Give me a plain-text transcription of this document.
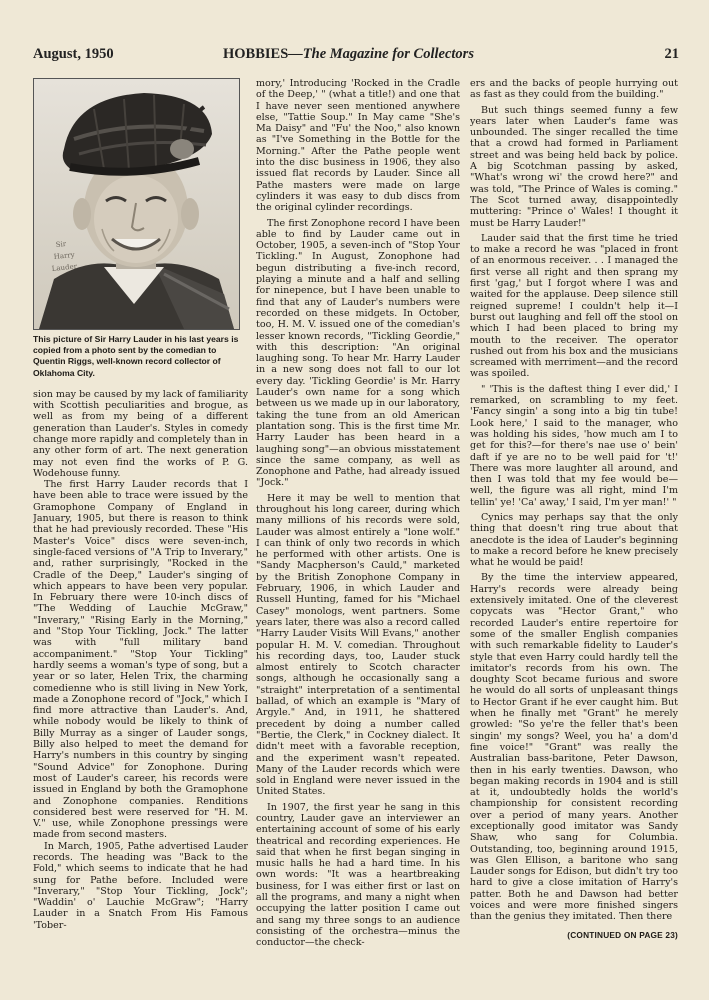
August, 1950	HOBBIES—The Magazine for Collectors	21
Sir
Harry
Lauder
This picture of Sir Harry Lauder in his last years is copied from a photo sent by the comedian to Quentin Riggs, well-known record collector of Oklahoma City.

sion may be caused by my lack of familiarity with Scottish peculiarities and brogue, as well as from my being of a different generation than Lauder's. Styles in comedy change more rapidly and completely than in any other form of art. The next generation may not even find the works of P. G. Wodehouse funny.

The first Harry Lauder records that I have been able to trace were issued by the Gramophone Company of England in January, 1905, but there is reason to think that he had previously recorded. These "His Master's Voice" discs were seven-inch, single-faced versions of "A Trip to Inverary," and, rather surprisingly, "Rocked in the Cradle of the Deep," Lauder's singing of which appears to have been very popular. In February there were 10-inch discs of "The Wedding of Lauchie McGraw," "Inverary," "Rising Early in the Morning," and "Stop Your Tickling, Jock." The latter was with "full military band accompaniment." "Stop Your Tickling" hardly seems a woman's type of song, but a year or so later, Helen Trix, the charming comedienne who is still living in New York, made a Zonophone record of "Jock," which I find more attractive than Lauder's. And, while nobody would be likely to think of Billy Murray as a singer of Lauder songs, Billy also helped to meet the demand for Harry's numbers in this country by singing "Sound Advice" for Zonophone. During most of Lauder's career, his records were issued in England by both the Gramophone and Zonophone companies. Renditions considered best were reserved for "H. M. V." use, while Zonophone pressings were made from second masters.

In March, 1905, Pathe advertised Lauder records. The heading was "Back to the Fold," which seems to indicate that he had sung for Pathe before. Included were "Inverary," "Stop Your Tickling, Jock"; "Waddin' o' Lauchie McGraw"; "Harry Lauder in a Snatch From His Famous 'Tober-

mory,' Introducing 'Rocked in the Cradle of the Deep,' " (what a title!) and one that I have never seen mentioned anywhere else, "Tattie Soup." In May came "She's Ma Daisy" and "Fu' the Noo," also known as "I've Something in the Bottle for the Morning." After the Pathe people went into the disc business in 1906, they also issued flat records by Lauder. Since all Pathe masters were made on large cylinders it was easy to dub discs from the original cylinder recordings.

The first Zonophone record I have been able to find by Lauder came out in October, 1905, a seven-inch of "Stop Your Tickling." In August, Zonophone had begun distributing a five-inch record, playing a minute and a half and selling for ninepence, but I have been unable to find that any of Lauder's numbers were recorded on these midgets. In October, too, H. M. V. issued one of the comedian's lesser known records, "Tickling Geordie," with this description: "An original laughing song. To hear Mr. Harry Lauder in a new song does not fall to our lot every day. 'Tickling Geordie' is Mr. Harry Lauder's own name for a song which between us we made up in our laboratory, taking the tune from an old American plantation song. This is the first time Mr. Harry Lauder has been heard in a laughing song"—an obvious misstatement since the same company, as well as Zonophone and Pathe, had already issued "Jock."

Here it may be well to mention that throughout his long career, during which many millions of his records were sold, Lauder was almost entirely a "lone wolf." I can think of only two records in which he performed with other artists. One is "Sandy Macpherson's Cauld," marketed by the British Zonophone Company in February, 1906, in which Lauder and Russell Hunting, famed for his "Michael Casey" monologs, went partners. Some years later, there was also a record called "Harry Lauder Visits Will Evans," another popular H. M. V. comedian. Throughout his recording days, too, Lauder stuck almost entirely to Scotch character songs, although he occasionally sang a "straight" interpretation of a sentimental ballad, of which an example is "Mary of Argyle." And, in 1911, he shattered precedent by doing a number called "Bertie, the Clerk," in Cockney dialect. It didn't meet with a favorable reception, and the experiment wasn't repeated. Many of the Lauder records which were sold in England were never issued in the United States.

In 1907, the first year he sang in this country, Lauder gave an interviewer an entertaining account of some of his early theatrical and recording experiences. He said that when he first began singing in music halls he had a hard time. In his own words: "It was a heartbreaking business, for I was either first or last on all the programs, and many a night when occupying the latter position I came out and sang my three songs to an audience consisting of the orchestra—minus the conductor—the check-

ers and the backs of people hurrying out as fast as they could from the building."

But such things seemed funny a few years later when Lauder's fame was unbounded. The singer recalled the time that a crowd had formed in Parliament street and was being held back by police. A big Scotchman passing by asked, "What's wrong wi' the crowd here?" and was told, "The Prince of Wales is coming." The Scot turned away, disappointedly muttering: "Prince o' Wales! I thought it must be Harry Lauder!"

Lauder said that the first time he tried to make a record he was "placed in front of an enormous receiver. . . I managed the first verse all right and then sprang my first 'gag,' but I forgot where I was and waited for the applause. Deep silence still reigned supreme! I couldn't help it—I burst out laughing and fell off the stool on which I had been placed to bring my mouth to the receiver. The operator rushed out from his box and the musicians screamed with merriment—and the record was spoiled.

" 'This is the daftest thing I ever did,' I remarked, on scrambling to my feet. 'Fancy singin' a song into a big tin tube! Look here,' I said to the manager, who was holding his sides, 'how much am I to get for this?—for there's nae use o' bein' daft if ye are no to be well paid for 't!' There was more laughter all around, and then I was told that my fee would be—well, the figure was all right, mind I'm tellin' ye! 'Ca' away,' I said, I'm yer man!' "

Cynics may perhaps say that the only thing that doesn't ring true about that anecdote is the idea of Lauder's beginning to make a record before he knew precisely what he would be paid!

By the time the interview appeared, Harry's records were already being extensively imitated. One of the cleverest copycats was "Hector Grant," who recorded Lauder's entire repertoire for some of the smaller English companies with such remarkable fidelity to Lauder's style that even Harry could hardly tell the imitator's records from his own. The doughty Scot became furious and swore he would do all sorts of unpleasant things to Hector Grant if he ever caught him. But when he finally met "Grant" he merely growled: "So ye're the feller that's been singin' my songs? Weel, you ha' a dom'd fine voice!" "Grant" was really the Australian bass-baritone, Peter Dawson, then in his early twenties. Dawson, who began making records in 1904 and is still at it, undoubtedly holds the world's championship for consistent recording over a period of many years. Another exceptionally good imitator was Sandy Shaw, who sang for Columbia. Outstanding, too, beginning around 1915, was Glen Ellison, a baritone who sang Lauder songs for Edison, but didn't try too hard to give a close imitation of Harry's patter. Both he and Dawson had better voices and were more finished singers than the genius they imitated. Then there

(CONTINUED ON PAGE 23)
